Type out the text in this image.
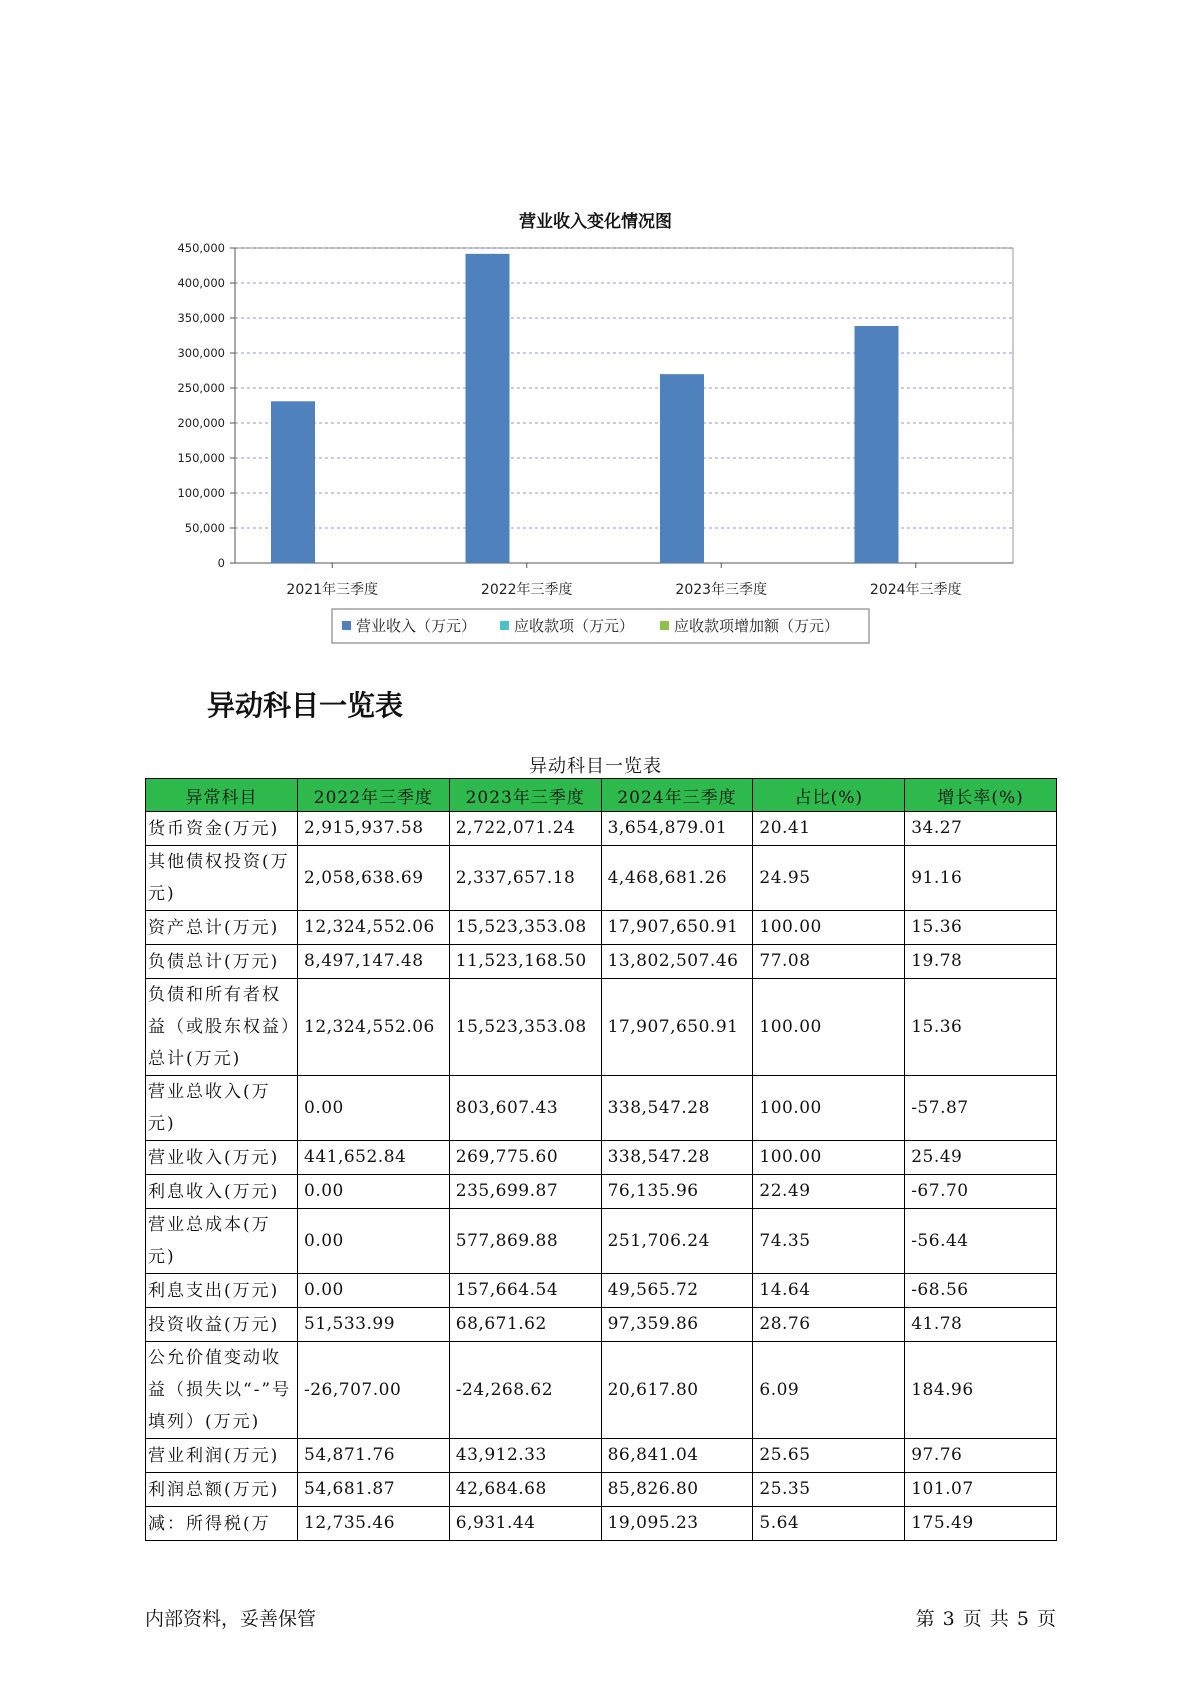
营业收入变化情况图
0
50,000
100,000
150,000
200,000
250,000
300,000
350,000
400,000
450,000
2021年三季度	2022年三季度	2023年三季度	2024年三季度
营业收入（万元）	应收款项（万元）	应收款项增加额（万元）
异动科目一览表
异动科目一览表
异常科目	2022年三季度	2023年三季度	2024年三季度	占比(%)	增长率(%)
货币资金(万元)	2,915,937.58	2,722,071.24	3,654,879.01	20.41	34.27
其他债权投资(万元)	2,058,638.69	2,337,657.18	4,468,681.26	24.95	91.16
资产总计(万元)	12,324,552.06	15,523,353.08	17,907,650.91	100.00	15.36
负债总计(万元)	8,497,147.48	11,523,168.50	13,802,507.46	77.08	19.78
负债和所有者权益（或股东权益）总计(万元)	12,324,552.06	15,523,353.08	17,907,650.91	100.00	15.36
营业总收入(万元)	0.00	803,607.43	338,547.28	100.00	-57.87
营业收入(万元)	441,652.84	269,775.60	338,547.28	100.00	25.49
利息收入(万元)	0.00	235,699.87	76,135.96	22.49	-67.70
营业总成本(万元)	0.00	577,869.88	251,706.24	74.35	-56.44
利息支出(万元)	0.00	157,664.54	49,565.72	14.64	-68.56
投资收益(万元)	51,533.99	68,671.62	97,359.86	28.76	41.78
公允价值变动收益（损失以“-”号填列）(万元)	-26,707.00	-24,268.62	20,617.80	6.09	184.96
营业利润(万元)	54,871.76	43,912.33	86,841.04	25.65	97.76
利润总额(万元)	54,681.87	42,684.68	85,826.80	25.35	101.07
减：所得税(万	12,735.46	6,931.44	19,095.23	5.64	175.49
内部资料，妥善保管	第 3 页 共 5 页
